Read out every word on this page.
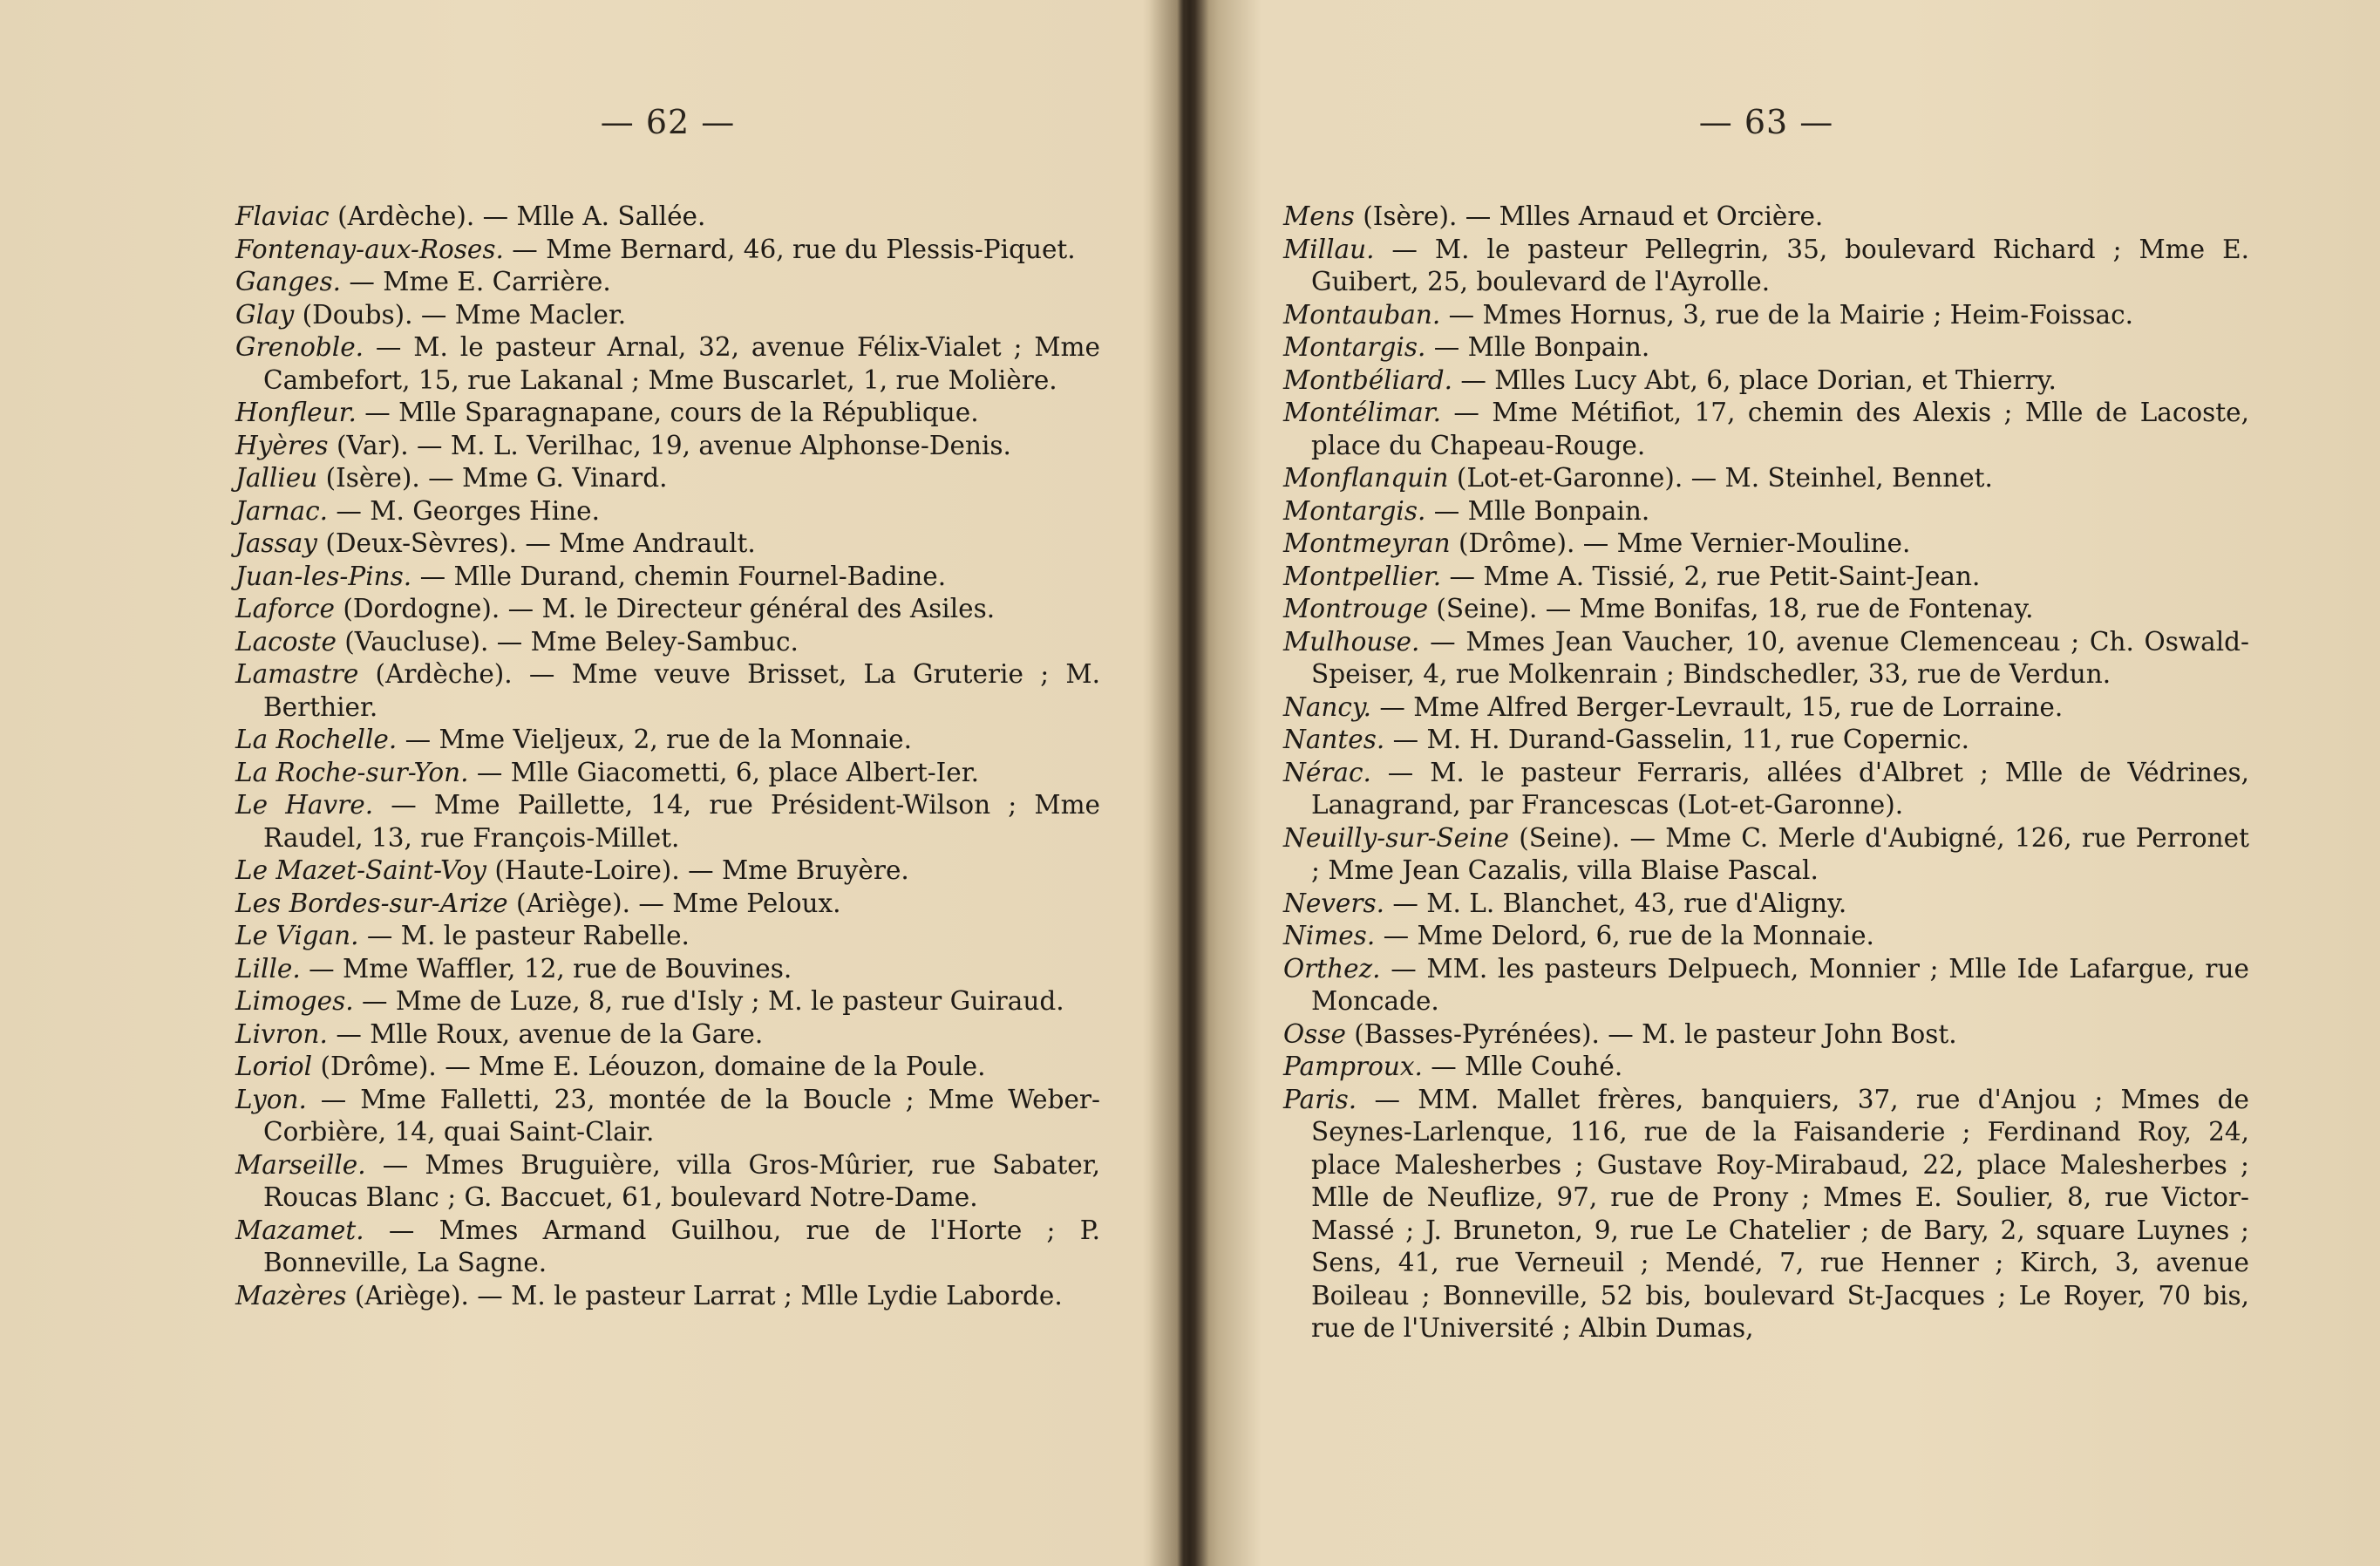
— 62 —

Flaviac (Ardèche). — Mlle A. Sallée.

Fontenay-aux-Roses. — Mme Bernard, 46, rue du Plessis-Piquet.

Ganges. — Mme E. Carrière.

Glay (Doubs). — Mme Macler.

Grenoble. — M. le pasteur Arnal, 32, avenue Félix-Vialet ; Mme Cambefort, 15, rue Lakanal ; Mme Buscarlet, 1, rue Molière.

Honfleur. — Mlle Sparagnapane, cours de la République.

Hyères (Var). — M. L. Verilhac, 19, avenue Alphonse-Denis.

Jallieu (Isère). — Mme G. Vinard.

Jarnac. — M. Georges Hine.

Jassay (Deux-Sèvres). — Mme Andrault.

Juan-les-Pins. — Mlle Durand, chemin Fournel-Badine.

Laforce (Dordogne). — M. le Directeur général des Asiles.

Lacoste (Vaucluse). — Mme Beley-Sambuc.

Lamastre (Ardèche). — Mme veuve Brisset, La Gruterie ; M. Berthier.

La Rochelle. — Mme Vieljeux, 2, rue de la Monnaie.

La Roche-sur-Yon. — Mlle Giacometti, 6, place Albert-Ier.

Le Havre. — Mme Paillette, 14, rue Président-Wilson ; Mme Raudel, 13, rue François-Millet.

Le Mazet-Saint-Voy (Haute-Loire). — Mme Bruyère.

Les Bordes-sur-Arize (Ariège). — Mme Peloux.

Le Vigan. — M. le pasteur Rabelle.

Lille. — Mme Waffler, 12, rue de Bouvines.

Limoges. — Mme de Luze, 8, rue d'Isly ; M. le pasteur Guiraud.

Livron. — Mlle Roux, avenue de la Gare.

Loriol (Drôme). — Mme E. Léouzon, domaine de la Poule.

Lyon. — Mme Falletti, 23, montée de la Boucle ; Mme Weber-Corbière, 14, quai Saint-Clair.

Marseille. — Mmes Bruguière, villa Gros-Mûrier, rue Sabater, Roucas Blanc ; G. Baccuet, 61, boulevard Notre-Dame.

Mazamet. — Mmes Armand Guilhou, rue de l'Horte ; P. Bonneville, La Sagne.

Mazères (Ariège). — M. le pasteur Larrat ; Mlle Lydie Laborde.

— 63 —

Mens (Isère). — Mlles Arnaud et Orcière.

Millau. — M. le pasteur Pellegrin, 35, boulevard Richard ; Mme E. Guibert, 25, boulevard de l'Ayrolle.

Montauban. — Mmes Hornus, 3, rue de la Mairie ; Heim-Foissac.

Montargis. — Mlle Bonpain.

Montbéliard. — Mlles Lucy Abt, 6, place Dorian, et Thierry.

Montélimar. — Mme Métifiot, 17, chemin des Alexis ; Mlle de Lacoste, place du Chapeau-Rouge.

Monflanquin (Lot-et-Garonne). — M. Steinhel, Bennet.

Montargis. — Mlle Bonpain.

Montmeyran (Drôme). — Mme Vernier-Mouline.

Montpellier. — Mme A. Tissié, 2, rue Petit-Saint-Jean.

Montrouge (Seine). — Mme Bonifas, 18, rue de Fontenay.

Mulhouse. — Mmes Jean Vaucher, 10, avenue Clemenceau ; Ch. Oswald-Speiser, 4, rue Molkenrain ; Bindschedler, 33, rue de Verdun.

Nancy. — Mme Alfred Berger-Levrault, 15, rue de Lorraine.

Nantes. — M. H. Durand-Gasselin, 11, rue Copernic.

Nérac. — M. le pasteur Ferraris, allées d'Albret ; Mlle de Védrines, Lanagrand, par Francescas (Lot-et-Garonne).

Neuilly-sur-Seine (Seine). — Mme C. Merle d'Aubigné, 126, rue Perronet ; Mme Jean Cazalis, villa Blaise Pascal.

Nevers. — M. L. Blanchet, 43, rue d'Aligny.

Nimes. — Mme Delord, 6, rue de la Monnaie.

Orthez. — MM. les pasteurs Delpuech, Monnier ; Mlle Ide Lafargue, rue Moncade.

Osse (Basses-Pyrénées). — M. le pasteur John Bost.

Pamproux. — Mlle Couhé.

Paris. — MM. Mallet frères, banquiers, 37, rue d'Anjou ; Mmes de Seynes-Larlenque, 116, rue de la Faisanderie ; Ferdinand Roy, 24, place Malesherbes ; Gustave Roy-Mirabaud, 22, place Malesherbes ; Mlle de Neuflize, 97, rue de Prony ; Mmes E. Soulier, 8, rue Victor-Massé ; J. Bruneton, 9, rue Le Chatelier ; de Bary, 2, square Luynes ; Sens, 41, rue Verneuil ; Mendé, 7, rue Henner ; Kirch, 3, avenue Boileau ; Bonneville, 52 bis, boulevard St-Jacques ; Le Royer, 70 bis, rue de l'Université ; Albin Dumas,
